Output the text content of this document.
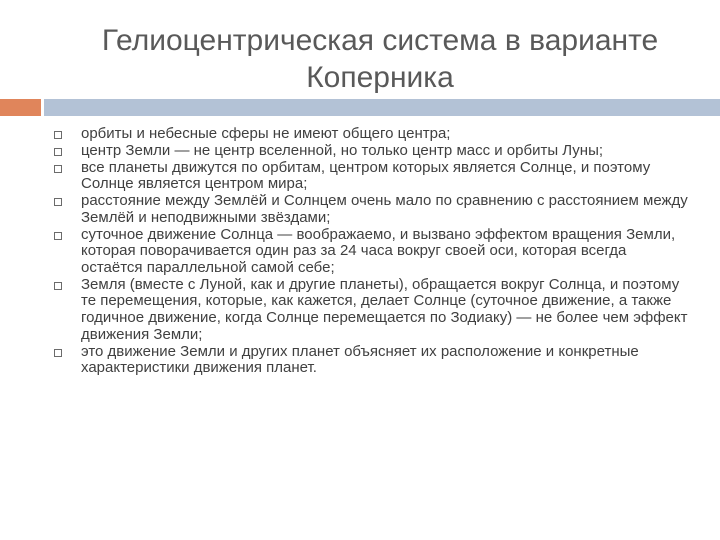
Гелиоцентрическая система в варианте
Коперника
орбиты и небесные сферы не имеют общего центра;
центр Земли — не центр вселенной, но только центр масс и орбиты Луны;
все планеты движутся по орбитам, центром которых является Солнце, и поэтому Солнце является центром мира;
расстояние между Землёй и Солнцем очень мало по сравнению с расстоянием между Землёй и неподвижными звёздами;
суточное движение Солнца — воображаемо, и вызвано эффектом вращения Земли, которая поворачивается один раз за 24 часа вокруг своей оси, которая всегда остаётся параллельной самой себе;
Земля (вместе с Луной, как и другие планеты), обращается вокруг Солнца, и поэтому те перемещения, которые, как кажется, делает Солнце (суточное движение, а также годичное движение, когда Солнце перемещается по Зодиаку) — не более чем эффект движения Земли;
это движение Земли и других планет объясняет их расположение и конкретные характеристики движения планет.
